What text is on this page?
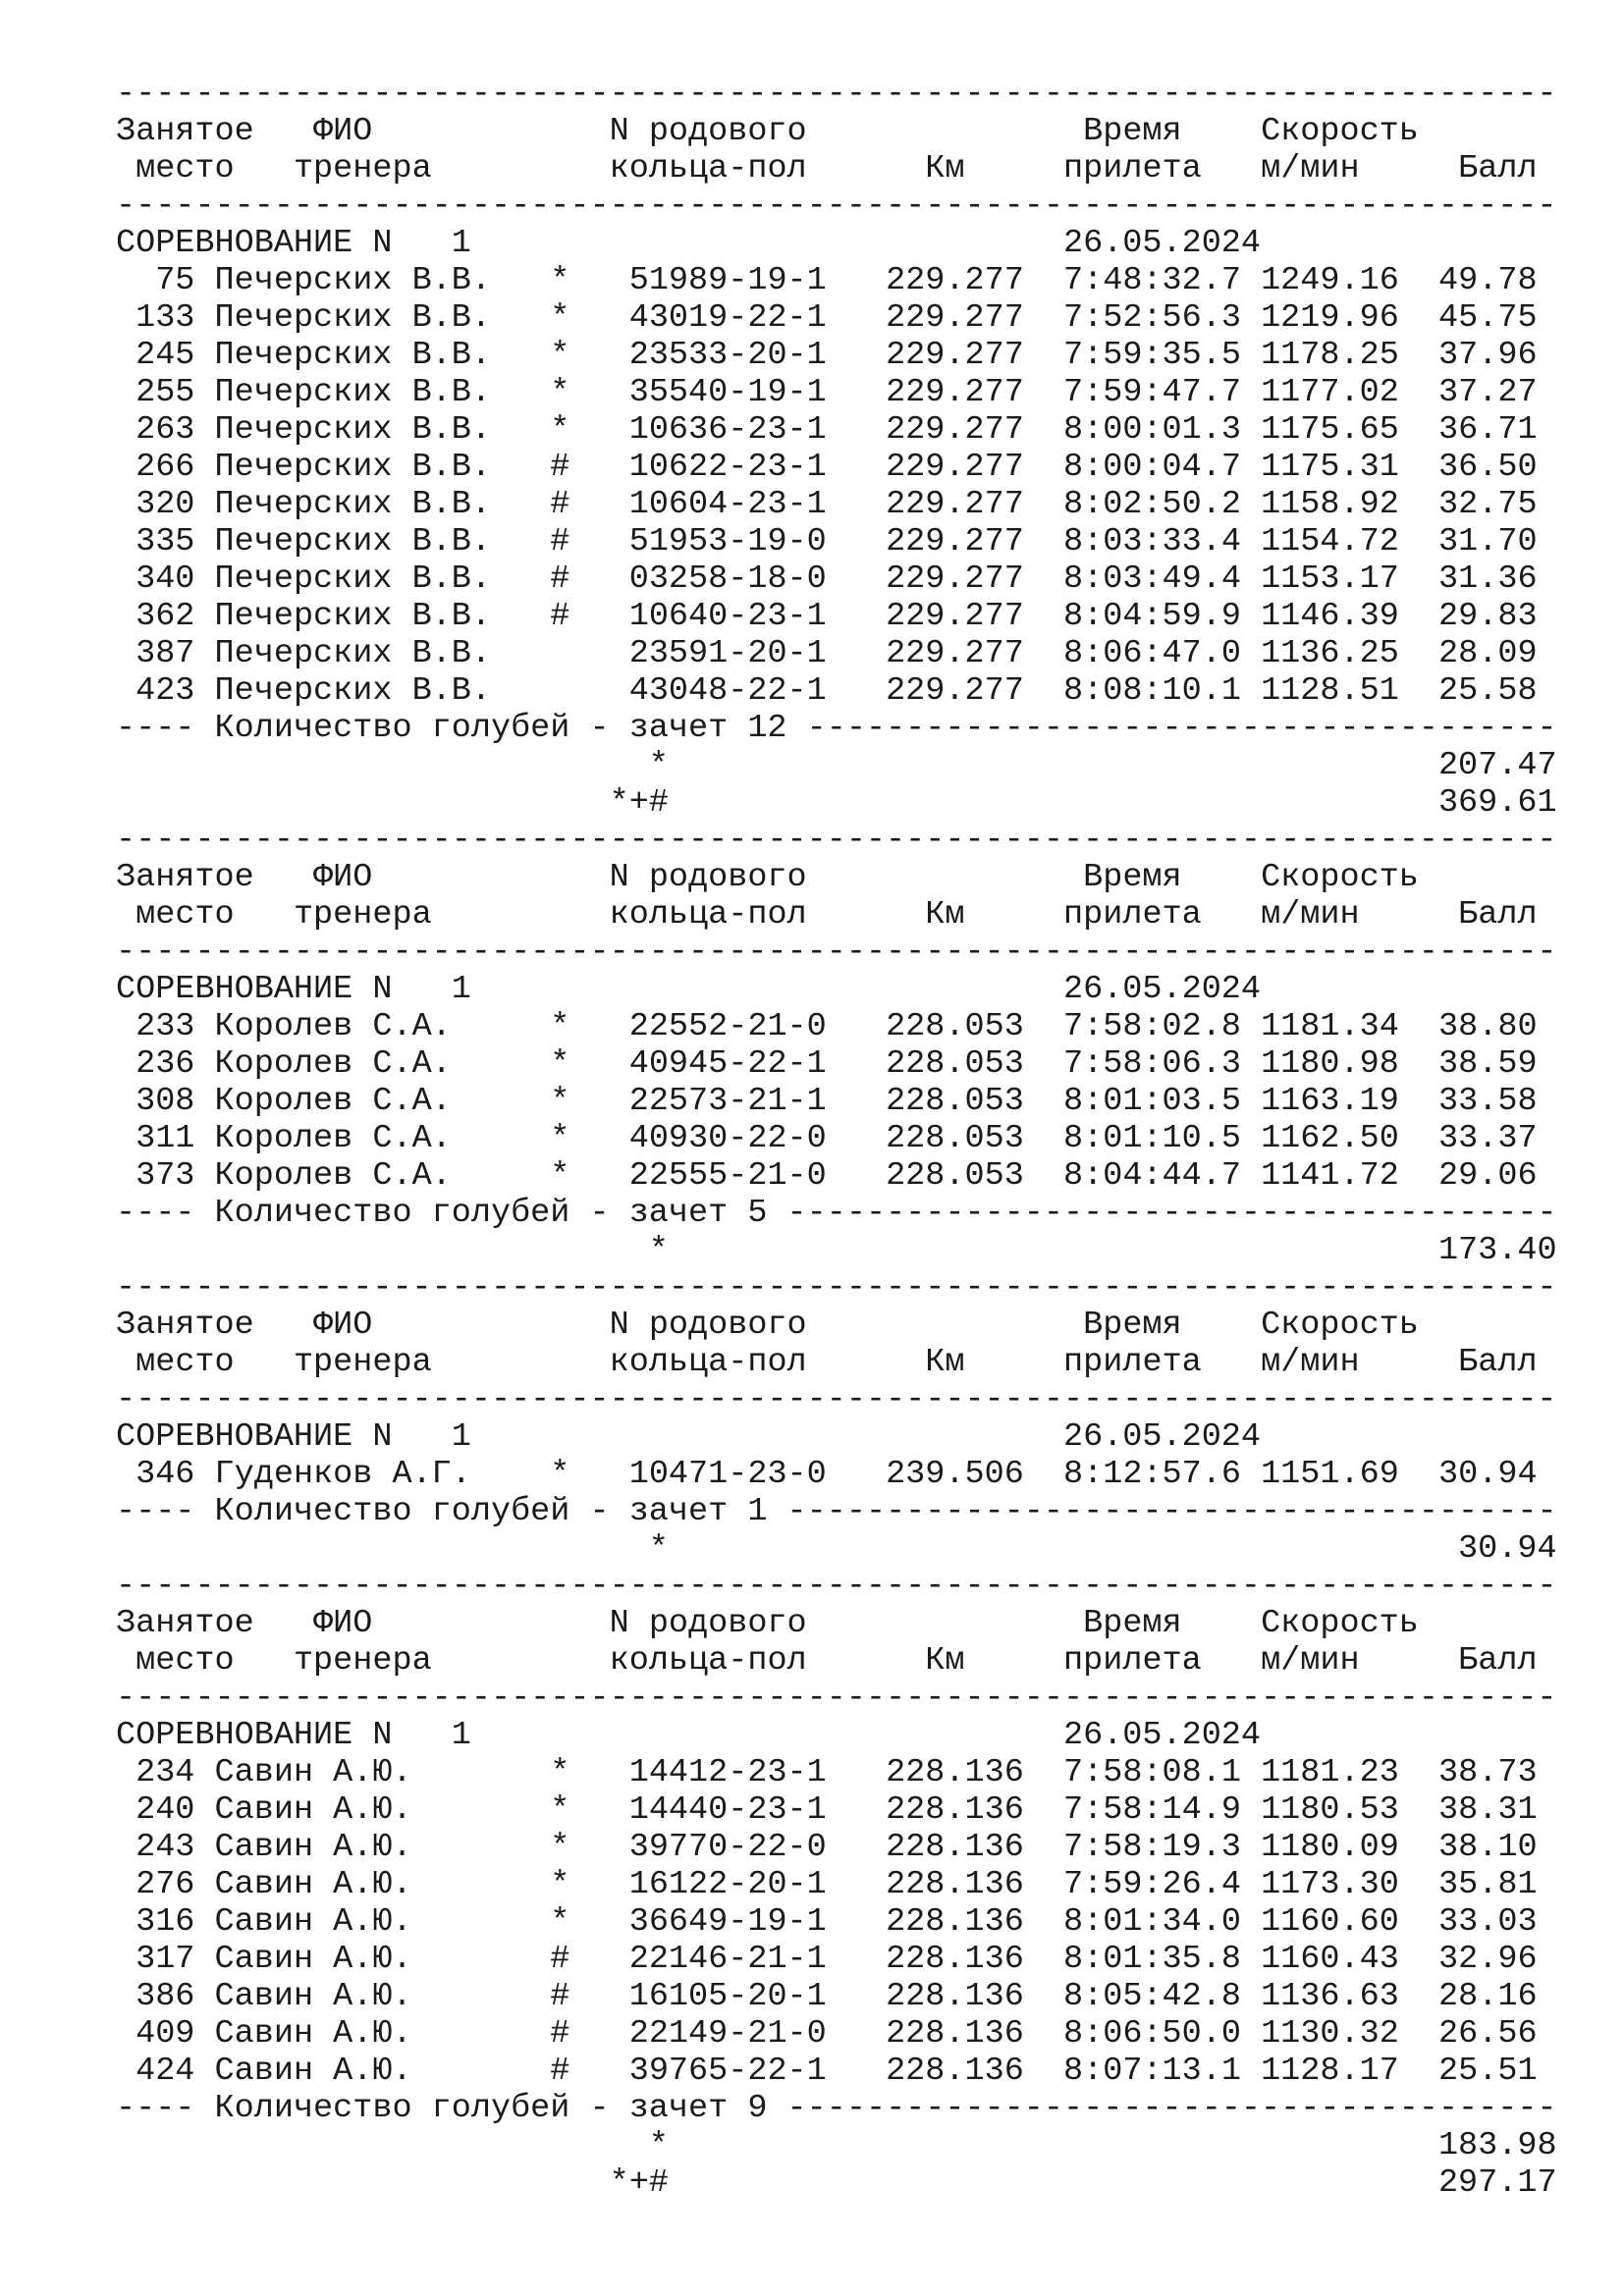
-------------------------------------------------------------------------
Занятое ФИО	N родового	Время Скорость
место тренера	кольца-пол	Км	прилета м/мин	Балл
-------------------------------------------------------------------------
СОРЕВНОВАНИЕ N 1	26.05.2024
75 Печерских В.В.   * 51989-19-1 229.277 7:48:32.7 1249.16 49.78
133 Печерских В.В.   * 43019-22-1 229.277 7:52:56.3 1219.96 45.75
245 Печерских В.В.   * 23533-20-1 229.277 7:59:35.5 1178.25 37.96
255 Печерских В.В.   * 35540-19-1 229.277 7:59:47.7 1177.02 37.27
263 Печерских В.В.   * 10636-23-1 229.277 8:00:01.3 1175.65 36.71
266 Печерских В.В.   # 10622-23-1 229.277 8:00:04.7 1175.31 36.50
320 Печерских В.В.   # 10604-23-1 229.277 8:02:50.2 1158.92 32.75
335 Печерских В.В.   # 51953-19-0 229.277 8:03:33.4 1154.72 31.70
340 Печерских В.В.   # 03258-18-0 229.277 8:03:49.4 1153.17 31.36
362 Печерских В.В.   # 10640-23-1 229.277 8:04:59.9 1146.39 29.83
387 Печерских В.В.	23591-20-1 229.277 8:06:47.0 1136.25 28.09
423 Печерских В.В.	43048-22-1 229.277 8:08:10.1 1128.51 25.58
---- Количество голубей - зачет 12 --------------------------------------
*	207.47
*+#	369.61
-------------------------------------------------------------------------
Занятое ФИО	N родового	Время Скорость
место тренера	кольца-пол	Км	прилета м/мин	Балл
-------------------------------------------------------------------------
СОРЕВНОВАНИЕ N 1	26.05.2024
233 Королев С.А.     * 22552-21-0 228.053 7:58:02.8 1181.34 38.80
236 Королев С.А.     * 40945-22-1 228.053 7:58:06.3 1180.98 38.59
308 Королев С.А.     * 22573-21-1 228.053 8:01:03.5 1163.19 33.58
311 Королев С.А.     * 40930-22-0 228.053 8:01:10.5 1162.50 33.37
373 Королев С.А.     * 22555-21-0 228.053 8:04:44.7 1141.72 29.06
---- Количество голубей - зачет 5 ---------------------------------------
*	173.40
-------------------------------------------------------------------------
Занятое ФИО	N родового	Время Скорость
место тренера	кольца-пол	Км	прилета м/мин	Балл
-------------------------------------------------------------------------
СОРЕВНОВАНИЕ N 1	26.05.2024
346 Гуденков А.Г.    * 10471-23-0 239.506 8:12:57.6 1151.69 30.94
---- Количество голубей - зачет 1 ---------------------------------------
*	30.94
-------------------------------------------------------------------------
Занятое ФИО	N родового	Время Скорость
место тренера	кольца-пол	Км	прилета м/мин	Балл
-------------------------------------------------------------------------
СОРЕВНОВАНИЕ N 1	26.05.2024
234 Савин А.Ю.       * 14412-23-1 228.136 7:58:08.1 1181.23 38.73
240 Савин А.Ю.       * 14440-23-1 228.136 7:58:14.9 1180.53 38.31
243 Савин А.Ю.       * 39770-22-0 228.136 7:58:19.3 1180.09 38.10
276 Савин А.Ю.       * 16122-20-1 228.136 7:59:26.4 1173.30 35.81
316 Савин А.Ю.       * 36649-19-1 228.136 8:01:34.0 1160.60 33.03
317 Савин А.Ю.       # 22146-21-1 228.136 8:01:35.8 1160.43 32.96
386 Савин А.Ю.       # 16105-20-1 228.136 8:05:42.8 1136.63 28.16
409 Савин А.Ю.       # 22149-21-0 228.136 8:06:50.0 1130.32 26.56
424 Савин А.Ю.       # 39765-22-1 228.136 8:07:13.1 1128.17 25.51
---- Количество голубей - зачет 9 ---------------------------------------
*	183.98
*+#	297.17
